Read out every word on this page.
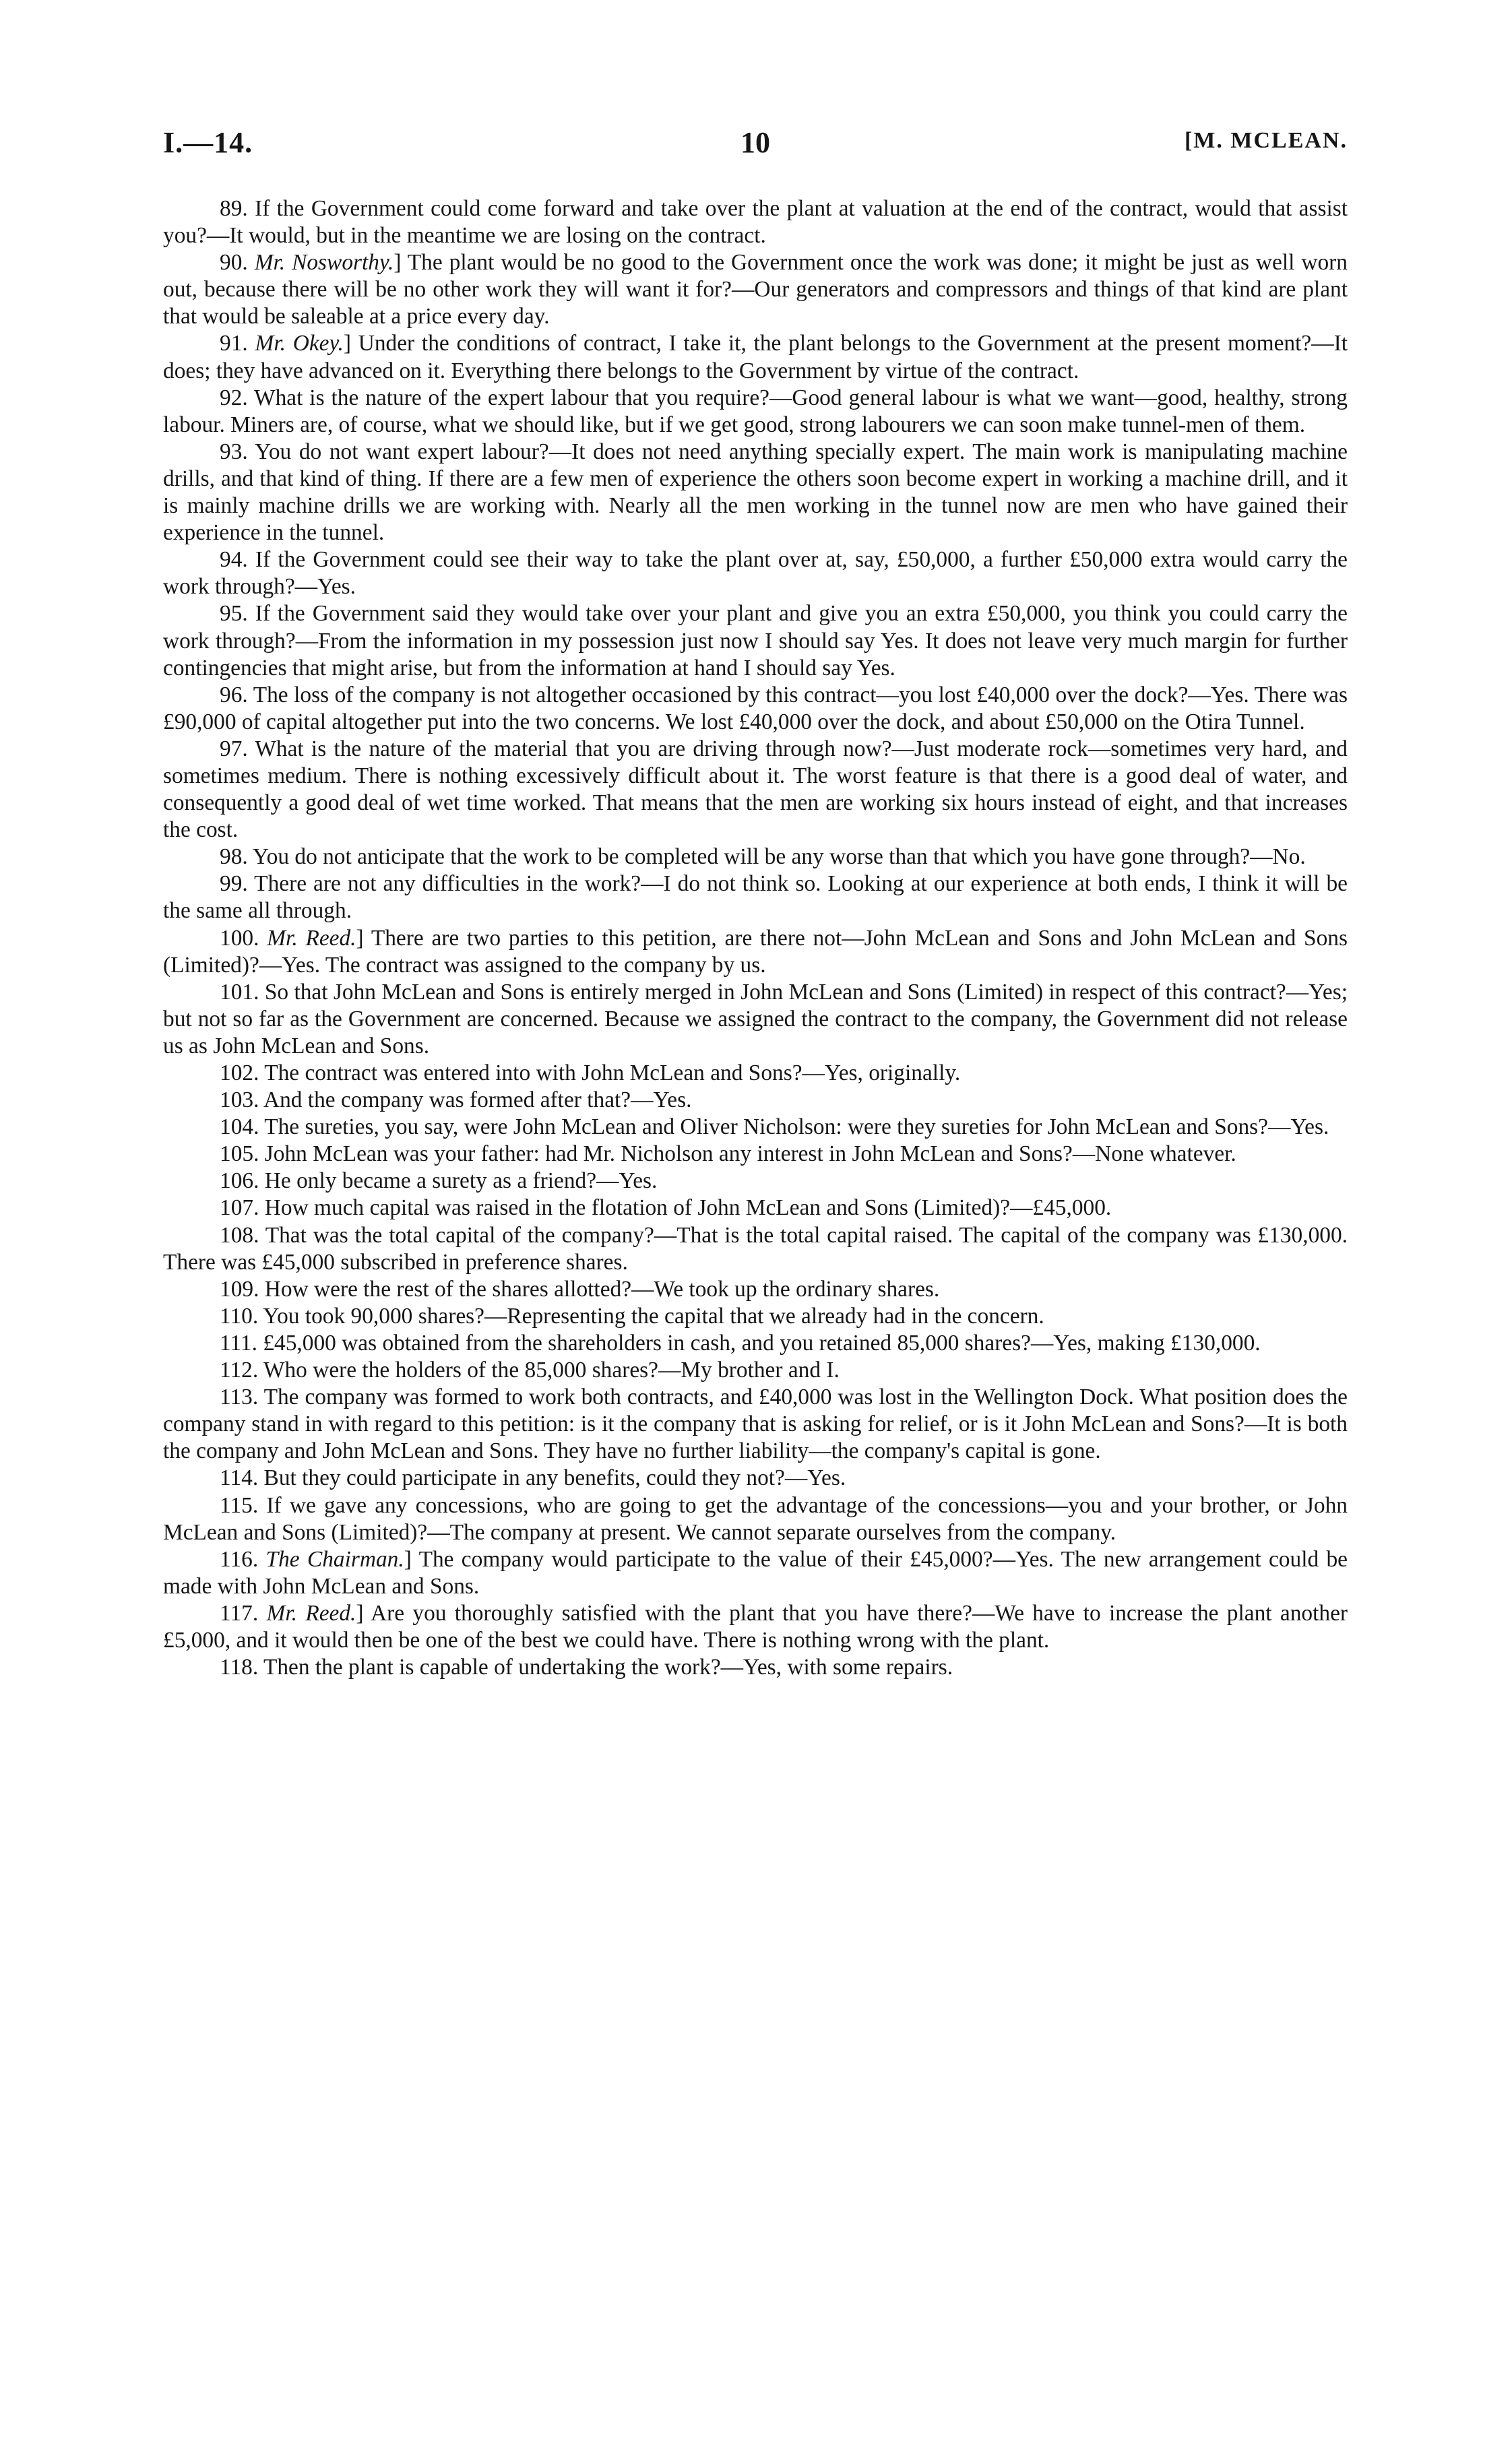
I.—14.	10	[M. MCLEAN.

89. If the Government could come forward and take over the plant at valuation at the end of the contract, would that assist you?—It would, but in the meantime we are losing on the contract.

90. Mr. Nosworthy.] The plant would be no good to the Government once the work was done; it might be just as well worn out, because there will be no other work they will want it for?—Our generators and compressors and things of that kind are plant that would be saleable at a price every day.

91. Mr. Okey.] Under the conditions of contract, I take it, the plant belongs to the Government at the present moment?—It does; they have advanced on it. Everything there belongs to the Government by virtue of the contract.

92. What is the nature of the expert labour that you require?—Good general labour is what we want—good, healthy, strong labour. Miners are, of course, what we should like, but if we get good, strong labourers we can soon make tunnel-men of them.

93. You do not want expert labour?—It does not need anything specially expert. The main work is manipulating machine drills, and that kind of thing. If there are a few men of experience the others soon become expert in working a machine drill, and it is mainly machine drills we are working with. Nearly all the men working in the tunnel now are men who have gained their experience in the tunnel.

94. If the Government could see their way to take the plant over at, say, £50,000, a further £50,000 extra would carry the work through?—Yes.

95. If the Government said they would take over your plant and give you an extra £50,000, you think you could carry the work through?—From the information in my possession just now I should say Yes. It does not leave very much margin for further contingencies that might arise, but from the information at hand I should say Yes.

96. The loss of the company is not altogether occasioned by this contract—you lost £40,000 over the dock?—Yes. There was £90,000 of capital altogether put into the two concerns. We lost £40,000 over the dock, and about £50,000 on the Otira Tunnel.

97. What is the nature of the material that you are driving through now?—Just moderate rock—sometimes very hard, and sometimes medium. There is nothing excessively difficult about it. The worst feature is that there is a good deal of water, and consequently a good deal of wet time worked. That means that the men are working six hours instead of eight, and that increases the cost.

98. You do not anticipate that the work to be completed will be any worse than that which you have gone through?—No.

99. There are not any difficulties in the work?—I do not think so. Looking at our experience at both ends, I think it will be the same all through.

100. Mr. Reed.] There are two parties to this petition, are there not—John McLean and Sons and John McLean and Sons (Limited)?—Yes. The contract was assigned to the company by us.

101. So that John McLean and Sons is entirely merged in John McLean and Sons (Limited) in respect of this contract?—Yes; but not so far as the Government are concerned. Because we assigned the contract to the company, the Government did not release us as John McLean and Sons.

102. The contract was entered into with John McLean and Sons?—Yes, originally.

103. And the company was formed after that?—Yes.

104. The sureties, you say, were John McLean and Oliver Nicholson: were they sureties for John McLean and Sons?—Yes.

105. John McLean was your father: had Mr. Nicholson any interest in John McLean and Sons?—None whatever.

106. He only became a surety as a friend?—Yes.

107. How much capital was raised in the flotation of John McLean and Sons (Limited)?—£45,000.

108. That was the total capital of the company?—That is the total capital raised. The capital of the company was £130,000. There was £45,000 subscribed in preference shares.

109. How were the rest of the shares allotted?—We took up the ordinary shares.

110. You took 90,000 shares?—Representing the capital that we already had in the concern.

111. £45,000 was obtained from the shareholders in cash, and you retained 85,000 shares?—Yes, making £130,000.

112. Who were the holders of the 85,000 shares?—My brother and I.

113. The company was formed to work both contracts, and £40,000 was lost in the Wellington Dock. What position does the company stand in with regard to this petition: is it the company that is asking for relief, or is it John McLean and Sons?—It is both the company and John McLean and Sons. They have no further liability—the company's capital is gone.

114. But they could participate in any benefits, could they not?—Yes.

115. If we gave any concessions, who are going to get the advantage of the concessions—you and your brother, or John McLean and Sons (Limited)?—The company at present. We cannot separate ourselves from the company.

116. The Chairman.] The company would participate to the value of their £45,000?—Yes. The new arrangement could be made with John McLean and Sons.

117. Mr. Reed.] Are you thoroughly satisfied with the plant that you have there?—We have to increase the plant another £5,000, and it would then be one of the best we could have. There is nothing wrong with the plant.

118. Then the plant is capable of undertaking the work?—Yes, with some repairs.
